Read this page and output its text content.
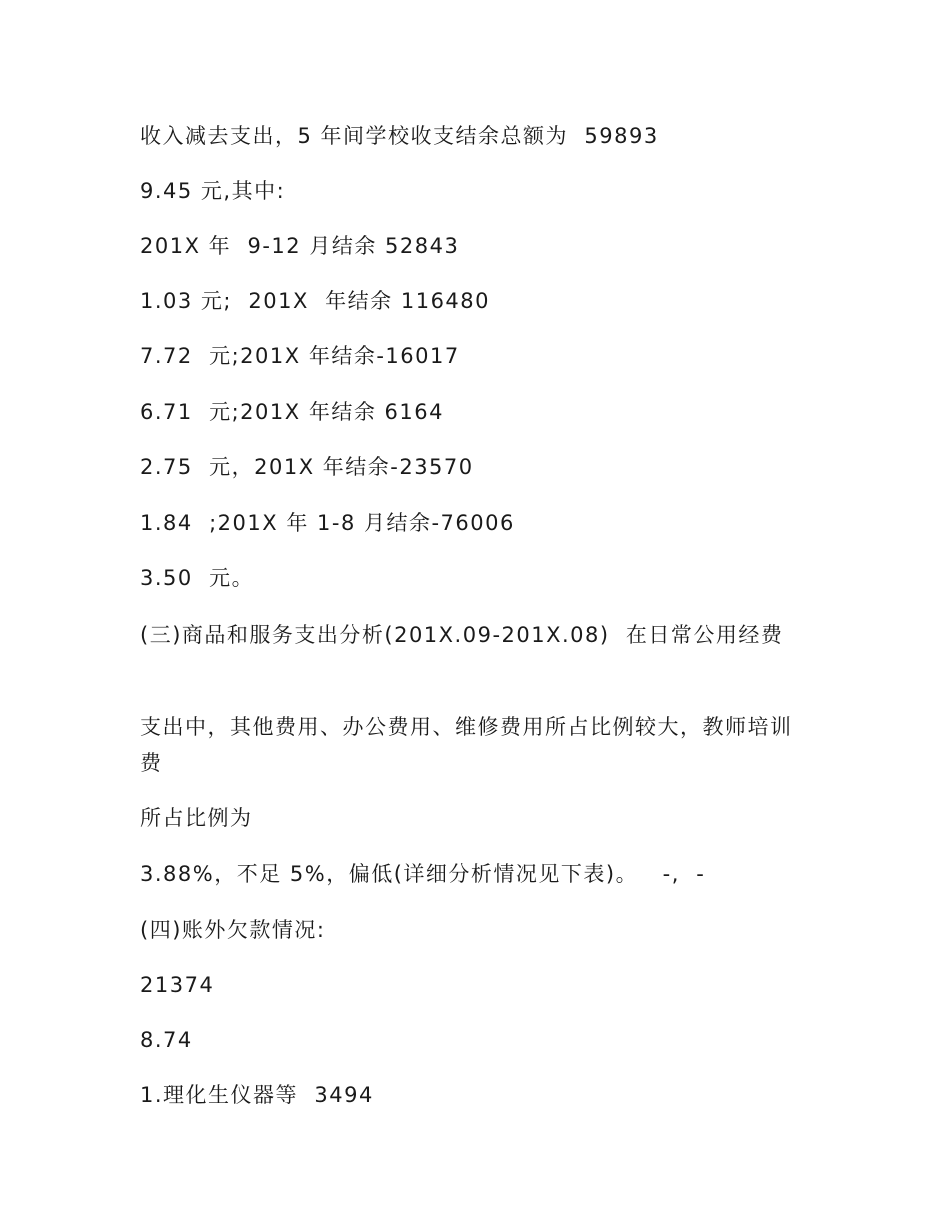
收入减去支出，5 年间学校收支结余总额为  59893

9.45 元,其中:

201X 年  9-12 月结余 52843

1.03 元;  201X  年结余 116480

7.72  元;201X 年结余-16017

6.71  元;201X 年结余 6164

2.75  元，201X 年结余-23570

1.84  ;201X 年 1-8 月结余-76006

3.50  元。

(三)商品和服务支出分析(201X.09-201X.08)  在日常公用经费

支出中，其他费用、办公费用、维修费用所占比例较大，教师培训费

所占比例为

3.88%，不足 5%，偏低(详细分析情况见下表)。   -,  -

(四)账外欠款情况:

21374

8.74

1.理化生仪器等  3494
